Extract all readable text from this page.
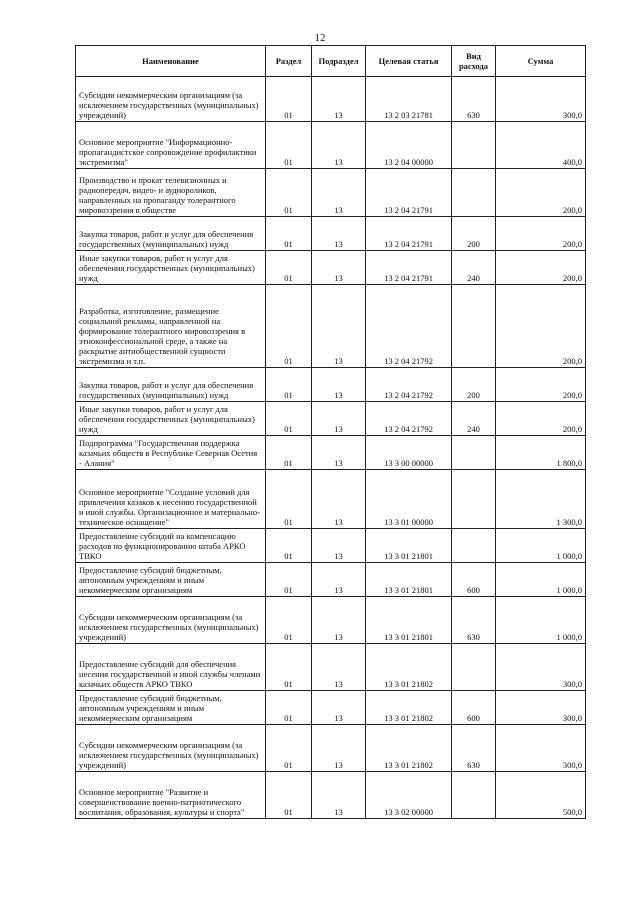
12
Наименование	Раздел	Подраздел	Целевая статья	Вид расхода	Сумма
Субсидии некоммерческим организациям (за исключением государственных (муниципальных) учреждений)	01	13	13 2 03 21781	630	300,0
Основное мероприятие "Информационно-пропагандистское сопровождение профилактики экстремизма"	01	13	13 2 04 00000		400,0
Производство и прокат телевизионных и радиопередач, видео- и аудиороликов, направленных на пропаганду толерантного мировоззрения в обществе	01	13	13 2 04 21791		200,0
Закупка товаров, работ и услуг для обеспечения государственных (муниципальных) нужд	01	13	13 2 04 21791	200	200,0
Иные закупки товаров, работ и услуг для обеспечения государственных (муниципальных) нужд	01	13	13 2 04 21791	240	200,0
Разработка, изготовление, размещение социальной рекламы, направленной на формирование толерантного мировоззрения в этноконфессиональной среде, а также на раскрытие антиобщественной сущности экстремизма и т.п.	01	13	13 2 04 21792		200,0
Закупка товаров, работ и услуг для обеспечения государственных (муниципальных) нужд	01	13	13 2 04 21792	200	200,0
Иные закупки товаров, работ и услуг для обеспечения государственных (муниципальных) нужд	01	13	13 2 04 21792	240	200,0
Подпрограмма "Государственная поддержка казачьих обществ в Республике Северная Осетия - Алания"	01	13	13 3 00 00000		1 800,0
Основное мероприятие "Создание условий для привлечения казаков к несению государственной и иной службы. Организационное и материально-техническое оснащение"	01	13	13 3 01 00000		1 300,0
Предоставление субсидий на компенсацию расходов по функционированию штаба АРКО ТВКО	01	13	13 3 01 21801		1 000,0
Предоставление субсидий бюджетным, автономным учреждениям и иным некоммерческим организациям	01	13	13 3 01 21801	600	1 000,0
Субсидии некоммерческим организациям (за исключением государственных (муниципальных) учреждений)	01	13	13 3 01 21801	630	1 000,0
Предоставление субсидий для обеспечения несения государственной и иной службы членами казачьих обществ АРКО ТВКО	01	13	13 3 01 21802		300,0
Предоставление субсидий бюджетным, автономным учреждениям и иным некоммерческим организациям	01	13	13 3 01 21802	600	300,0
Субсидии некоммерческим организациям (за исключением государственных (муниципальных) учреждений)	01	13	13 3 01 21802	630	300,0
Основное мероприятие "Развитие и совершенствование военно-патриотического воспитания, образования, культуры и спорта"	01	13	13 3 02 00000		500,0
